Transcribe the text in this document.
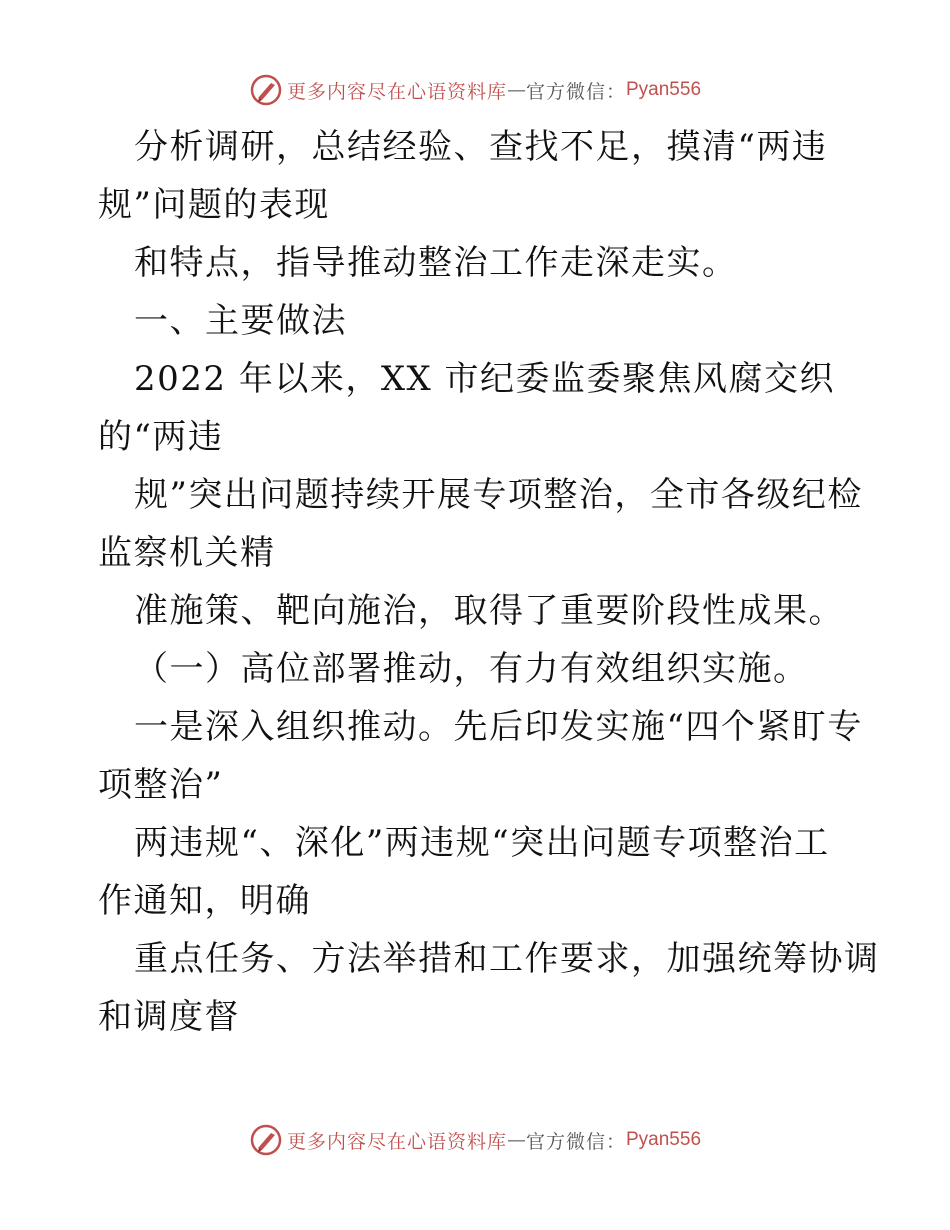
更多内容尽在心语资料库 — 官方微信： Pyan556
分析调研，总结经验、查找不足，摸清“两违
规”问题的表现
和特点，指导推动整治工作走深走实。
一、主要做法
2022 年以来，XX 市纪委监委聚焦风腐交织
的“两违
规”突出问题持续开展专项整治，全市各级纪检
监察机关精
准施策、靶向施治，取得了重要阶段性成果。
（一）高位部署推动，有力有效组织实施。
一是深入组织推动。先后印发实施“四个紧盯专
项整治”
两违规“、深化”两违规“突出问题专项整治工
作通知，明确
重点任务、方法举措和工作要求，加强统筹协调
和调度督
更多内容尽在心语资料库 — 官方微信： Pyan556
